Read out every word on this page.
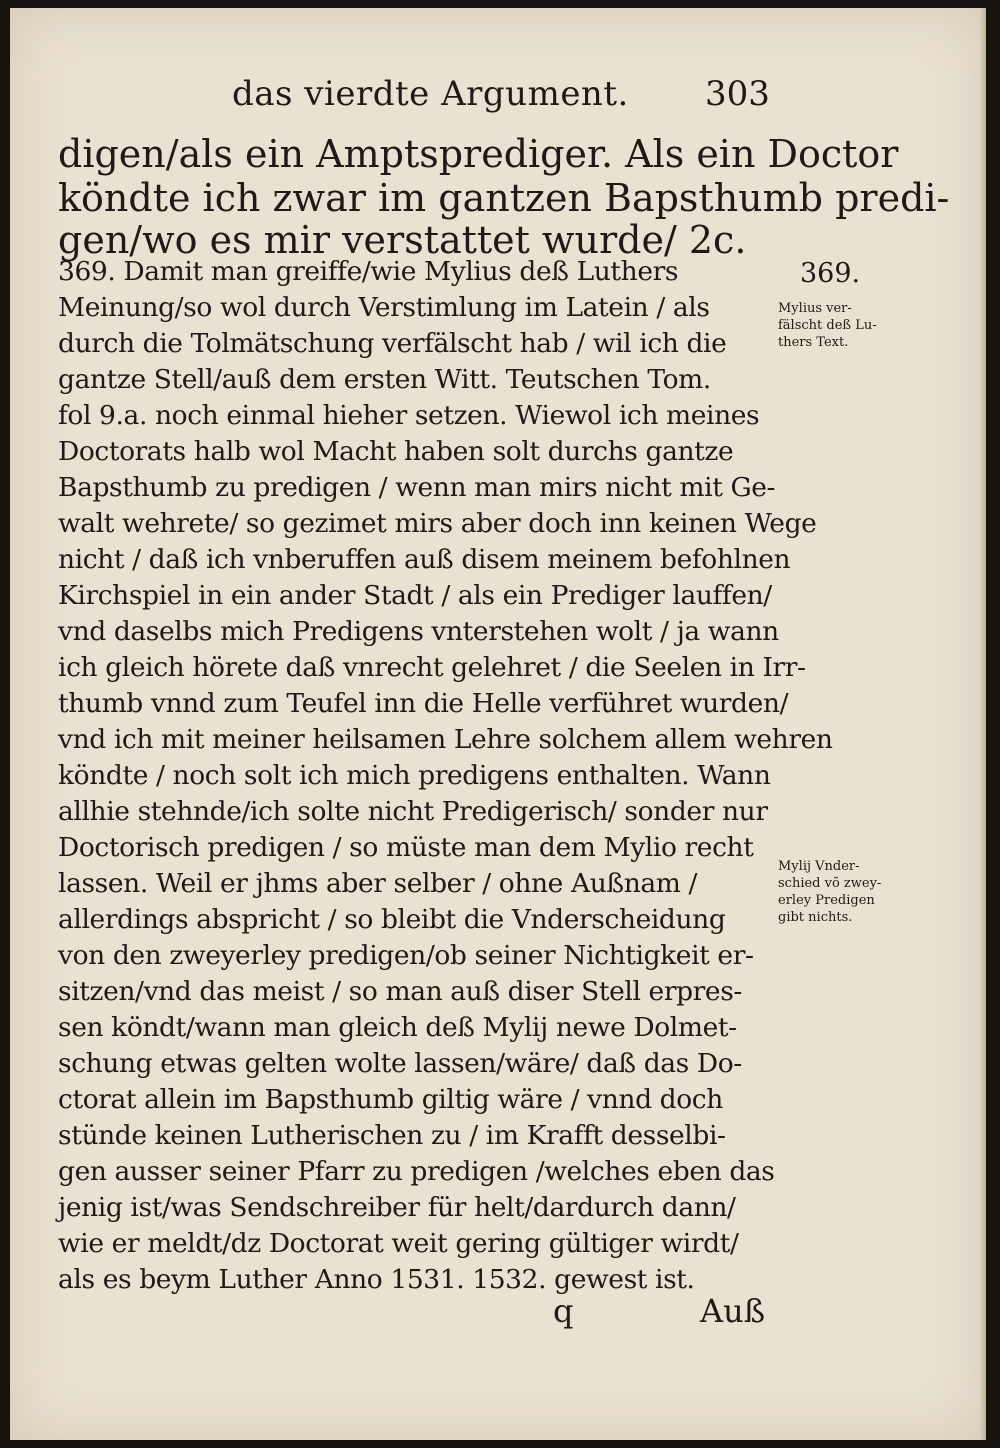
das vierdte Argument. 303
digen/als ein Amptsprediger. Als ein Doctor
köndte ich zwar im gantzen Bapsthumb predi-
gen/wo es mir verstattet wurde/ 2c.
369. Damit man greiffe/wie Mylius deß Luthers
Meinung/so wol durch Verstimlung im Latein / als
durch die Tolmätschung verfälscht hab / wil ich die
gantze Stell/auß dem ersten Witt. Teutschen Tom.
fol 9.a. noch einmal hieher setzen. Wiewol ich meines
Doctorats halb wol Macht haben solt durchs gantze
Bapsthumb zu predigen / wenn man mirs nicht mit Ge-
walt wehrete/ so gezimet mirs aber doch inn keinen Wege
nicht / daß ich vnberuffen auß disem meinem befohlnen
Kirchspiel in ein ander Stadt / als ein Prediger lauffen/
vnd daselbs mich Predigens vnterstehen wolt / ja wann
ich gleich hörete daß vnrecht gelehret / die Seelen in Irr-
thumb vnnd zum Teufel inn die Helle verführet wurden/
vnd ich mit meiner heilsamen Lehre solchem allem wehren
köndte / noch solt ich mich predigens enthalten. Wann
allhie stehnde/ich solte nicht Predigerisch/ sonder nur
Doctorisch predigen / so müste man dem Mylio recht
lassen. Weil er jhms aber selber / ohne Außnam /
allerdings abspricht / so bleibt die Vnderscheidung
von den zweyerley predigen/ob seiner Nichtigkeit er-
sitzen/vnd das meist / so man auß diser Stell erpres-
sen köndt/wann man gleich deß Mylij newe Dolmet-
schung etwas gelten wolte lassen/wäre/ daß das Do-
ctorat allein im Bapsthumb giltig wäre / vnnd doch
stünde keinen Lutherischen zu / im Krafft desselbi-
gen ausser seiner Pfarr zu predigen /welches eben das
jenig ist/was Sendschreiber für helt/dardurch dann/
wie er meldt/dz Doctorat weit gering gültiger wirdt/
als es beym Luther Anno 1531. 1532. gewest ist.
369.
Mylius ver-
fälscht deß Lu-
thers Text.
Mylij Vnder-
schied võ zwey-
erley Predigen
gibt nichts.
q	Auß
